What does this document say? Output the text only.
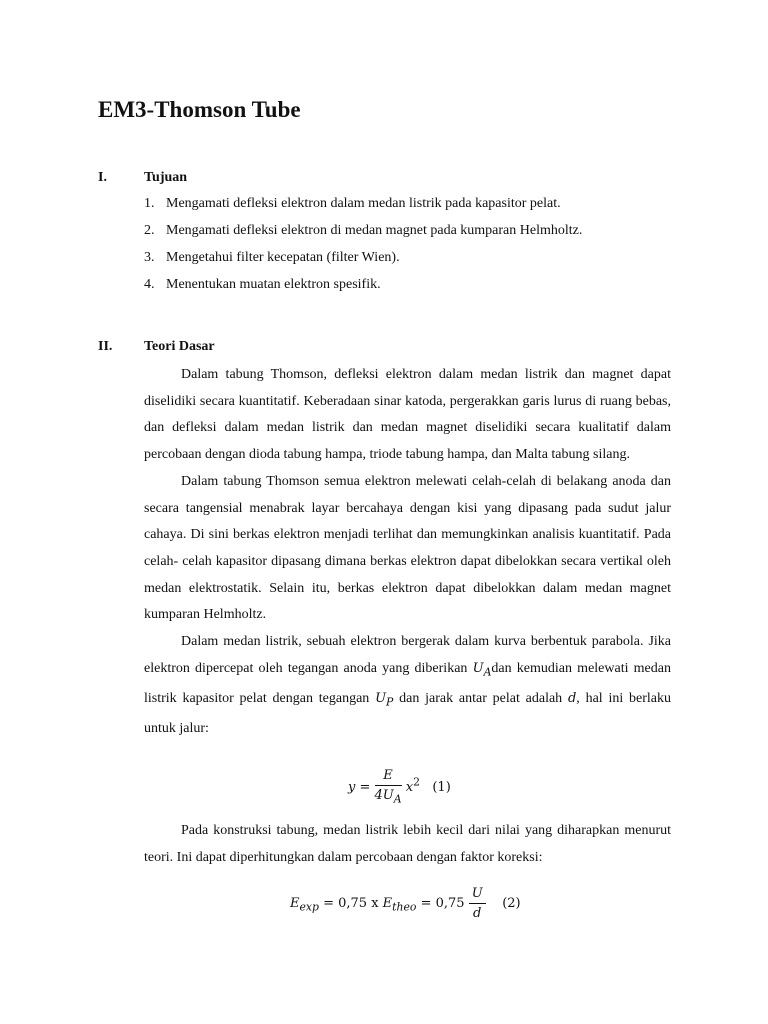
EM3-Thomson Tube
I.	Tujuan
1. Mengamati defleksi elektron dalam medan listrik pada kapasitor pelat.
2. Mengamati defleksi elektron di medan magnet pada kumparan Helmholtz.
3. Mengetahui filter kecepatan (filter Wien).
4. Menentukan muatan elektron spesifik.
II. Teori Dasar

Dalam tabung Thomson, defleksi elektron dalam medan listrik dan magnet dapat diselidiki secara kuantitatif. Keberadaan sinar katoda, pergerakkan garis lurus di ruang bebas, dan defleksi dalam medan listrik dan medan magnet diselidiki secara kualitatif dalam percobaan dengan dioda tabung hampa, triode tabung hampa, dan Malta tabung silang.

Dalam tabung Thomson semua elektron melewati celah-celah di belakang anoda dan secara tangensial menabrak layar bercahaya dengan kisi yang dipasang pada sudut jalur cahaya. Di sini berkas elektron menjadi terlihat dan memungkinkan analisis kuantitatif. Pada celah- celah kapasitor dipasang dimana berkas elektron dapat dibelokkan secara vertikal oleh medan elektrostatik. Selain itu, berkas elektron dapat dibelokkan dalam medan magnet kumparan Helmholtz.

Dalam medan listrik, sebuah elektron bergerak dalam kurva berbentuk parabola. Jika elektron dipercepat oleh tegangan anoda yang diberikan $U_Adan$ kemudian melewati medan listrik kapasitor pelat dengan tegangan $U_P$ dan jarak antar pelat adalah d, hal ini berlaku untuk jalur:

$y = \frac{E}{4U_A} x^2$ (1)

Pada konstruksi tabung, medan listrik lebih kecil dari nilai yang diharapkan menurut teori. Ini dapat diperhitungkan dalam percobaan dengan faktor koreksi:

$E_{exp} = 0,75$ x $E_{theo} = 0,75 \frac{U}{d} (2)$
